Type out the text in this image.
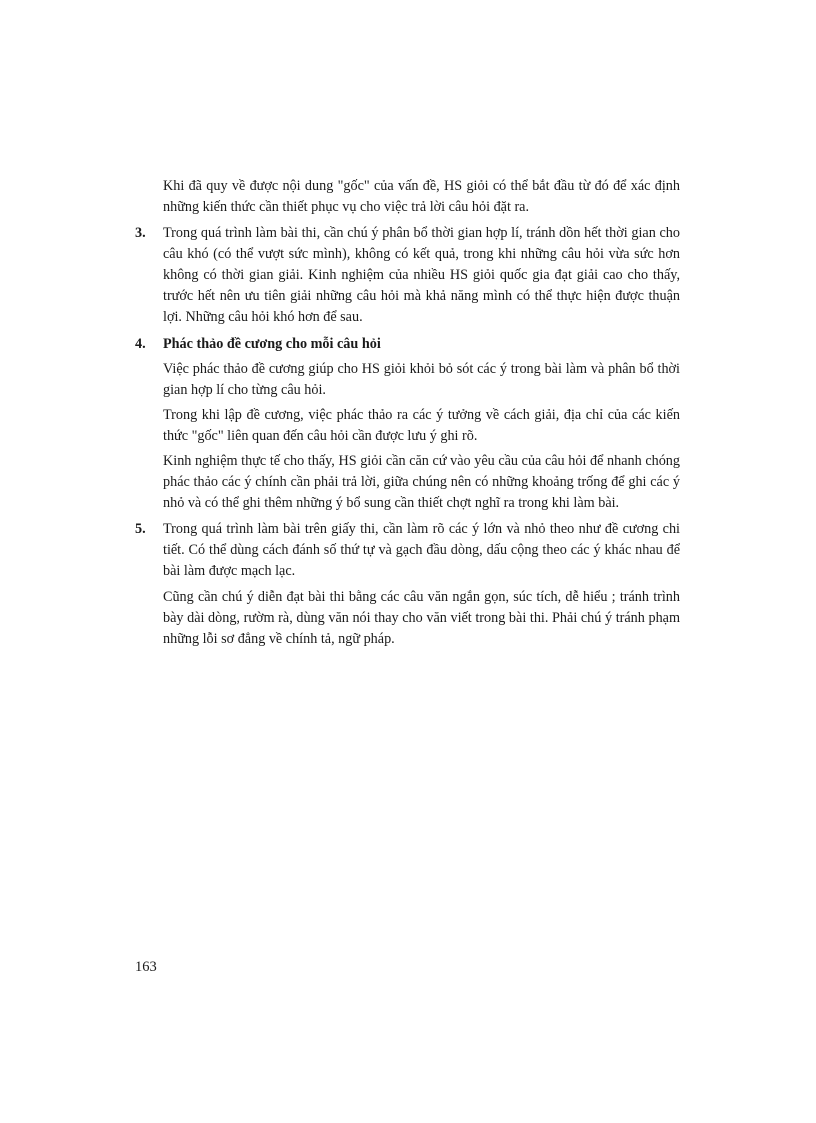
Khi đã quy về được nội dung "gốc" của vấn đề, HS giỏi có thể bắt đầu từ đó để xác định những kiến thức cần thiết phục vụ cho việc trả lời câu hỏi đặt ra.

3.	Trong quá trình làm bài thi, cần chú ý phân bổ thời gian hợp lí, tránh dồn hết thời gian cho câu khó (có thể vượt sức mình), không có kết quả, trong khi những câu hỏi vừa sức hơn không có thời gian giải. Kinh nghiệm của nhiều HS giỏi quốc gia đạt giải cao cho thấy, trước hết nên ưu tiên giải những câu hỏi mà khả năng mình có thể thực hiện được thuận lợi. Những câu hỏi khó hơn để sau.

4.	Phác thảo đề cương cho mỗi câu hỏi

Việc phác thảo đề cương giúp cho HS giỏi khỏi bỏ sót các ý trong bài làm và phân bổ thời gian hợp lí cho từng câu hỏi.

Trong khi lập đề cương, việc phác thảo ra các ý tưởng về cách giải, địa chỉ của các kiến thức "gốc" liên quan đến câu hỏi cần được lưu ý ghi rõ.

Kinh nghiệm thực tế cho thấy, HS giỏi cần căn cứ vào yêu cầu của câu hỏi để nhanh chóng phác thảo các ý chính cần phải trả lời, giữa chúng nên có những khoảng trống để ghi các ý nhỏ và có thể ghi thêm những ý bổ sung cần thiết chợt nghĩ ra trong khi làm bài.

5.	Trong quá trình làm bài trên giấy thi, cần làm rõ các ý lớn và nhỏ theo như đề cương chi tiết. Có thể dùng cách đánh số thứ tự và gạch đầu dòng, dấu cộng theo các ý khác nhau để bài làm được mạch lạc.

Cũng cần chú ý diễn đạt bài thi bằng các câu văn ngắn gọn, súc tích, dễ hiểu ; tránh trình bày dài dòng, rườm rà, dùng văn nói thay cho văn viết trong bài thi. Phải chú ý tránh phạm những lỗi sơ đẳng về chính tả, ngữ pháp.

163
